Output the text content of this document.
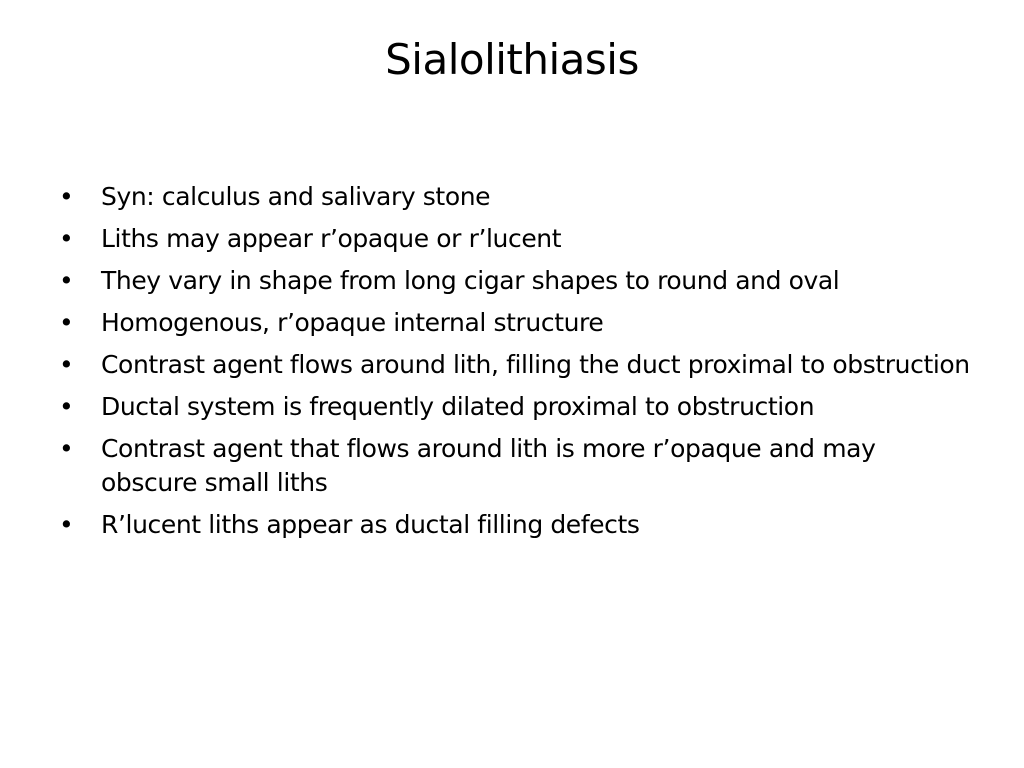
Sialolithiasis
• Syn: calculus and salivary stone
• Liths may appear r’opaque or r’lucent
• They vary in shape from long cigar shapes to round and oval
• Homogenous, r’opaque internal structure
• Contrast agent flows around lith, filling the duct proximal to obstruction
• Ductal system is frequently dilated proximal to obstruction
• Contrast agent that flows around lith is more r’opaque and may obscure small liths
• R’lucent liths appear as ductal filling defects
